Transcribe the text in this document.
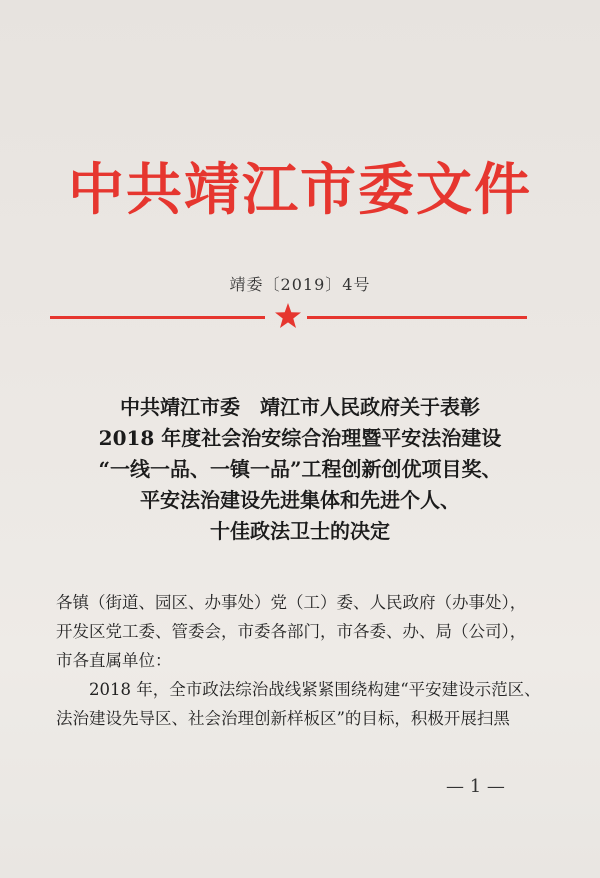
中共靖江市委文件
靖委〔2019〕4号
中共靖江市委　靖江市人民政府关于表彰
2018 年度社会治安综合治理暨平安法治建设
“一线一品、一镇一品”工程创新创优项目奖、
平安法治建设先进集体和先进个人、
十佳政法卫士的决定
各镇（街道、园区、办事处）党（工）委、人民政府（办事处），
开发区党工委、管委会，市委各部门，市各委、办、局（公司），
市各直属单位：
2018 年，全市政法综治战线紧紧围绕构建“平安建设示范区、
法治建设先导区、社会治理创新样板区”的目标，积极开展扫黑
— 1 —
